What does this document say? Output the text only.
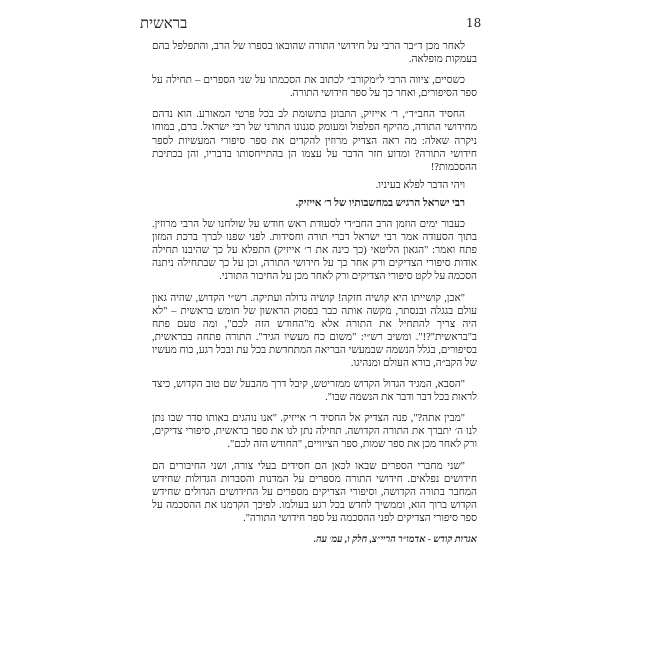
בראשית	18

לאחר מכן ד״בר הרבי על חידושי התורה שהובאו בספרו של הרב, והתפלפל בהם בעמקות מופלאה.

כשסיים, ציווה הרבי ל״מקורב״ לכתוב את הסכמתו על שני הספרים – תחילה על ספר הסיפורים, ואחר כך על ספר חידושי התורה.

החסיד החב״ד״, ר׳ אייזיק, התבונן בתשומת לב בכל פרטי המאורע. הוא נדהם מחידושי התורה, מהיקף הפלפול ומעומק סגנונו התורני של רבי ישראל. ברם, במוחו ניקרה שאלה: מה ראה הצדיק מרוזין להקדים את ספר סיפורי המעשיות לספר חידושי התורה? ומדוע חזר הדבר על עצמו הן בהתייחסותו בדבריו, והן בכתיבת ההסכמות?!

ויהי הדבר לפלא בעיניו.

רבי ישראל הרגיש במחשבותיו של ר׳ אייזיק.

כעבור ימים הוזמן הרב החב״די לסעודת ראש חודש על שולחנו של הרבי מרוזין. בתוך הסעודה אמר רבי ישראל דברי תורה וחסידות. לפני שפנו לברך ברכת המזון פתח ואמר: "הגאון הליטאי (כך כינה את ר׳ אייזיק) התפלא על כך שהיבנו תחילה אודות סיפורי הצדיקים ורק אחר כך על חידושי התורה, וכן על כך שבתחילה ניתנה הסכמה על לקט סיפורי הצדיקים ורק לאחר מכן על החיבור התורני.

"אכן, קושייתו היא קושיה חזקה! קושיה גדולה ועתיקה. רש״י הקדוש, שהיה גאון עולם בגגלה ובנסתר, מקשה אותה כבר בפסוק הראשון של חומש בראשית – "לא היה צריך להתחיל את התורה אלא מ"החודש הזה לכם", ומה טעם פתח ב"בראשית"?!". ומשיב רש״י: "משום כח מעשיו הגיד". התורה פתחה בבראשית, בסיפורים, בגלל הנשמה שבמעשי הבריאה המתחדשת בכל עת ובכל רגע, כוח מעשיו של הקב״ה, בורא העולם ומנהיגו.

"הסבא, המגיד הגדול הקדוש ממזריטש, קיבל דרך מהבעל שם טוב הקדוש, כיצד לראות בכל דבר ודבר את הנשמה שבו".

"מבין אתה?", פנה הצדיק אל החסיד ר׳ אייזיק. "אנו נוהגים באותו סדר שבו נתן לנו ה׳ יתברך את התורה הקדושה. תחילה נתן לנו את ספר בראשית, סיפורי צדיקים, ורק לאחר מכן את ספר שמות, ספר הציוויים, "החודש הזה לכם".

"שני מחברי הספרים שבאו לכאן הם חסידים בעלי צורה, ושני החיבורים הם חידושים נפלאים. חידושי התורה מספרים על המדנות והסברות הגדולות שחידש המחבר בתורה הקדושה, וסיפורי הצדיקים מספרים על החידושים הגדולים שחידש הקדוש ברוך הוא, וממשיך לחדש בכל רגע בעולמו. לפיכך הקדמנו את ההסכמה על ספר סיפורי הצדיקים לפני ההסכמה על ספר חידושי התורה".

אגרות קודש - אדמו״ר הריי״צ, חלק ו, עמ׳ עה.
